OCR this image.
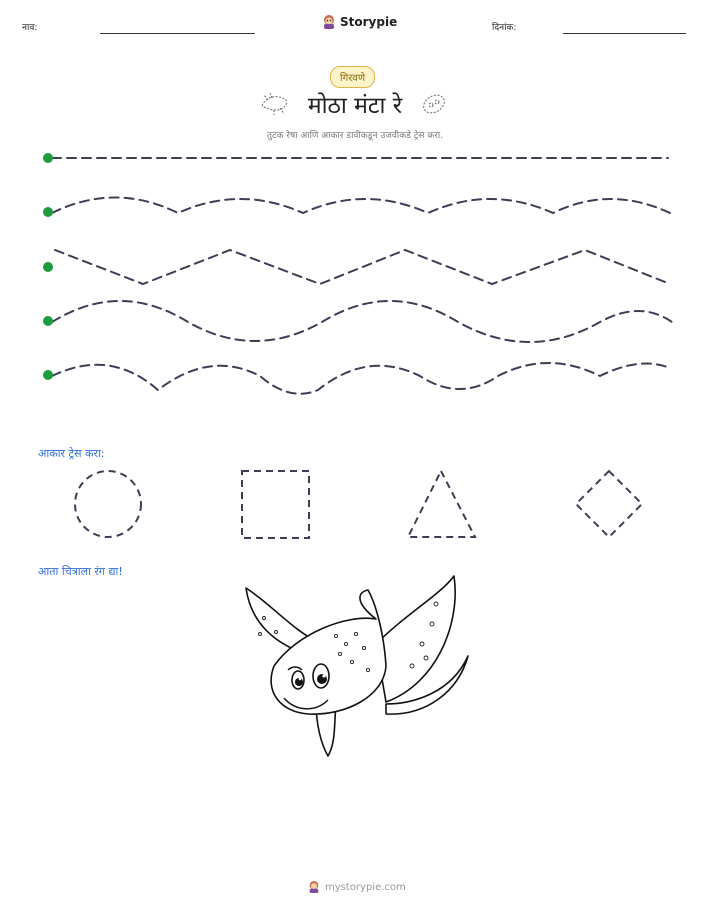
नाव:	Storypie	दिनांक:
गिरवणे
मोठा मंटा रे
तुटक रेषा आणि आकार डावीकडून उजवीकडे ट्रेस करा.
आकार ट्रेस करा:
आता चित्राला रंग द्या!
mystorypie.com
